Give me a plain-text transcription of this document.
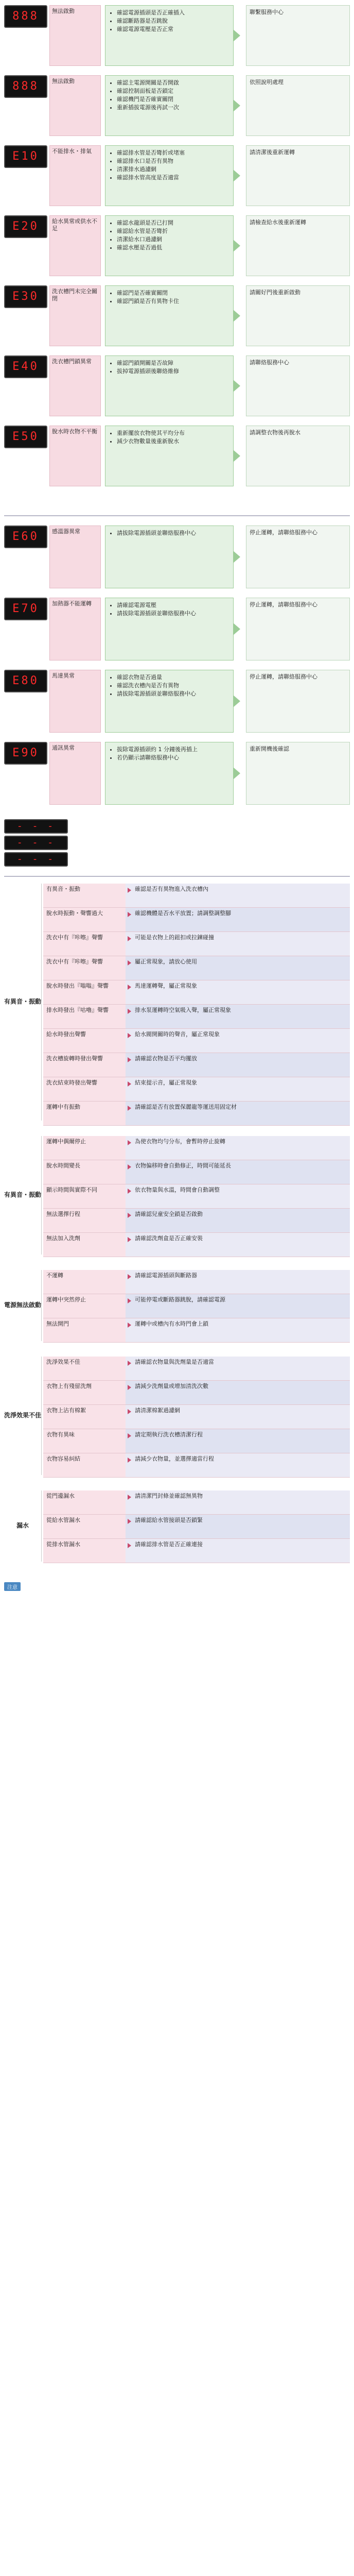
888	無法啟動	• 確認電源插頭是否正確插入
• 確認斷路器是否跳脫
• 確認電源電壓是否正常
聯繫服務中心
888	無法啟動	• 確認主電源開關是否開啟
• 確認控制面板是否鎖定
• 確認機門是否確實關閉
• 重新插拔電源後再試一次
依照說明處理
E10	不能排水・排氣	• 確認排水管是否彎折或堵塞
• 確認排水口是否有異物
• 清潔排水過濾網
• 確認排水管高度是否適當
請清潔後重新運轉
E20	給水異常或供水不足
• 確認水龍頭是否已打開
• 確認給水管是否彎折
• 清潔給水口過濾網
• 確認水壓是否過低
請檢查給水後重新運轉
E30	洗衣槽門未完全關閉
• 確認門是否確實關閉
• 確認門鎖是否有異物卡住
請關好門後重新啟動
E40	洗衣槽門鎖異常	• 確認門鎖開關是否故障
• 拔掉電源插頭後聯絡維修
請聯絡服務中心
E50	脫水時衣物不平衡	• 重新擺放衣物使其平均分布
• 減少衣物數量後重新脫水
請調整衣物後再脫水
E60	感溫器異常	• 請拔除電源插頭並聯絡服務中心	停止運轉，請聯絡服務中心
E70	加熱器不能運轉	• 請確認電源電壓
• 請拔除電源插頭並聯絡服務中心
停止運轉，請聯絡服務中心
E80	馬達異常	• 確認衣物是否過量
• 確認洗衣槽內是否有異物
• 請拔除電源插頭並聯絡服務中心
停止運轉，請聯絡服務中心
E90	通訊異常	• 拔除電源插頭約 1 分鐘後再插上
• 若仍顯示請聯絡服務中心
重新開機後確認
- - -
- - -
- - -
有異音・振動
有異音・振動	確認是否有異物進入洗衣槽內
脫水時振動・聲響過大	確認機體是否水平放置；請調整調整腳
洗衣中有『咔嚓』聲響	可能是衣物上的鈕扣或拉鍊碰撞
洗衣中有『咔嚓』聲響	屬正常現象，請放心使用
脫水時發出『嗡嗡』聲響	馬達運轉聲，屬正常現象
排水時發出『咕嚕』聲響	排水泵運轉時空氣吸入聲，屬正常現象
給水時發出聲響	給水閥開關時的聲音，屬正常現象
洗衣槽旋轉時發出聲響	請確認衣物是否平均擺放
洗衣結束時發出聲響	結束提示音，屬正常現象
運轉中有振動	請確認是否有放置保麗龍等運送用固定材
有異音・振動
運轉中偶爾停止	為使衣物均勻分布，會暫時停止旋轉
脫水時間變長	衣物偏移時會自動修正，時間可能延長
顯示時間與實際不同	依衣物量與水溫，時間會自動調整
無法選擇行程	請確認兒童安全鎖是否啟動
無法加入洗劑	請確認洗劑盒是否正確安裝
電源無法啟動
不運轉	請確認電源插頭與斷路器
運轉中突然停止	可能停電或斷路器跳脫，請確認電源
無法開門	運轉中或槽內有水時門會上鎖
洗淨效果不佳
洗淨效果不佳	請確認衣物量與洗劑量是否適當
衣物上有殘留洗劑	請減少洗劑量或增加清洗次數
衣物上沾有棉絮	請清潔棉絮過濾網
衣物有異味	請定期執行洗衣槽清潔行程
衣物容易糾結	請減少衣物量，並選擇適當行程
漏水
從門邊漏水	請清潔門封條並確認無異物
從給水管漏水	請確認給水管接頭是否鎖緊
從排水管漏水	請確認排水管是否正確連接
注意
